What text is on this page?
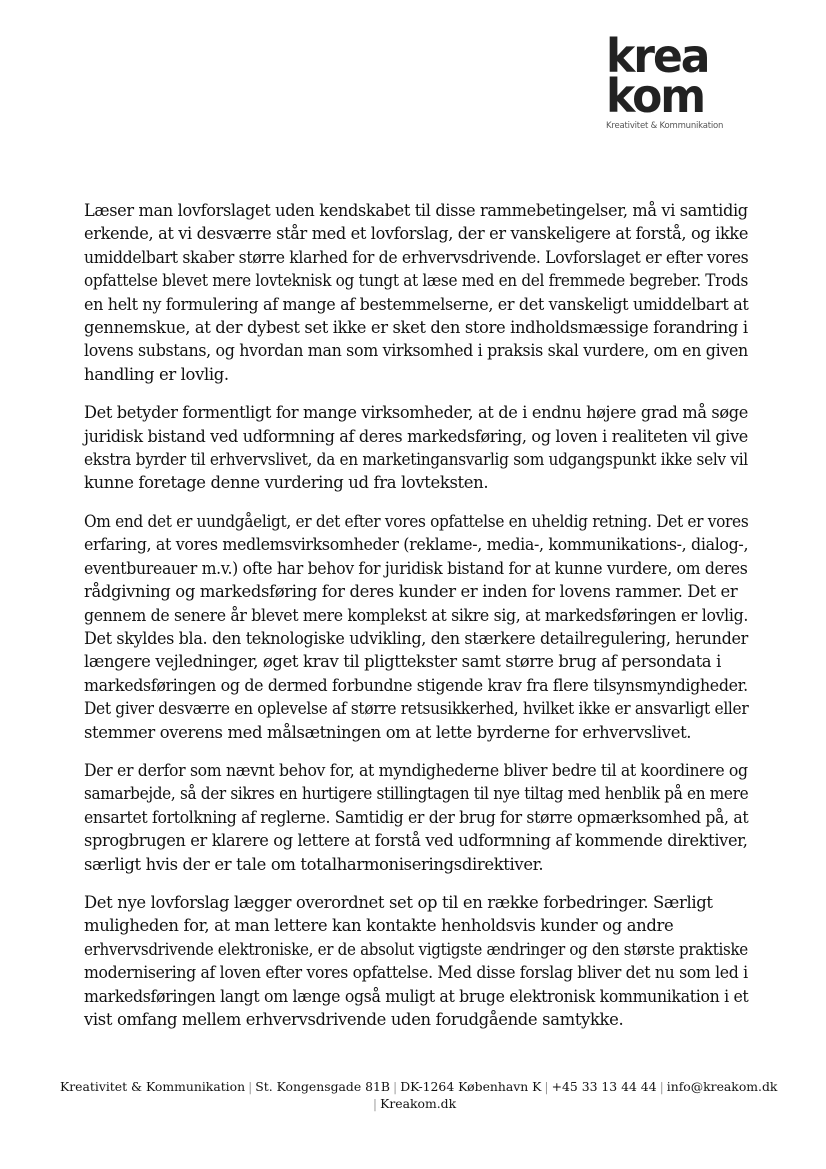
krea
kom
Kreativitet & Kommunikation

Læser man lovforslaget uden kendskabet til disse rammebetingelser, må vi samtidig
erkende, at vi desværre står med et lovforslag, der er vanskeligere at forstå, og ikke
umiddelbart skaber større klarhed for de erhvervsdrivende. Lovforslaget er efter vores
opfattelse blevet mere lovteknisk og tungt at læse med en del fremmede begreber. Trods
en helt ny formulering af mange af bestemmelserne, er det vanskeligt umiddelbart at
gennemskue, at der dybest set ikke er sket den store indholdsmæssige forandring i
lovens substans, og hvordan man som virksomhed i praksis skal vurdere, om en given
handling er lovlig.

Det betyder formentligt for mange virksomheder, at de i endnu højere grad må søge
juridisk bistand ved udformning af deres markedsføring, og loven i realiteten vil give
ekstra byrder til erhvervslivet, da en marketingansvarlig som udgangspunkt ikke selv vil
kunne foretage denne vurdering ud fra lovteksten.

Om end det er uundgåeligt, er det efter vores opfattelse en uheldig retning. Det er vores
erfaring, at vores medlemsvirksomheder (reklame-, media-, kommunikations-, dialog-,
eventbureauer m.v.) ofte har behov for juridisk bistand for at kunne vurdere, om deres
rådgivning og markedsføring for deres kunder er inden for lovens rammer. Det er
gennem de senere år blevet mere komplekst at sikre sig, at markedsføringen er lovlig.
Det skyldes bla. den teknologiske udvikling, den stærkere detailregulering, herunder
længere vejledninger, øget krav til pligttekster samt større brug af persondata i
markedsføringen og de dermed forbundne stigende krav fra flere tilsynsmyndigheder.
Det giver desværre en oplevelse af større retsusikkerhed, hvilket ikke er ansvarligt eller
stemmer overens med målsætningen om at lette byrderne for erhvervslivet.

Der er derfor som nævnt behov for, at myndighederne bliver bedre til at koordinere og
samarbejde, så der sikres en hurtigere stillingtagen til nye tiltag med henblik på en mere
ensartet fortolkning af reglerne. Samtidig er der brug for større opmærksomhed på, at
sprogbrugen er klarere og lettere at forstå ved udformning af kommende direktiver,
særligt hvis der er tale om totalharmoniseringsdirektiver.

Det nye lovforslag lægger overordnet set op til en række forbedringer. Særligt
muligheden for, at man lettere kan kontakte henholdsvis kunder og andre
erhvervsdrivende elektroniske, er de absolut vigtigste ændringer og den største praktiske
modernisering af loven efter vores opfattelse. Med disse forslag bliver det nu som led i
markedsføringen langt om længe også muligt at bruge elektronisk kommunikation i et
vist omfang mellem erhvervsdrivende uden forudgående samtykke.

Kreativitet & Kommunikation | St. Kongensgade 81B | DK-1264 København K | +45 33 13 44 44 | info@kreakom.dk
| Kreakom.dk
